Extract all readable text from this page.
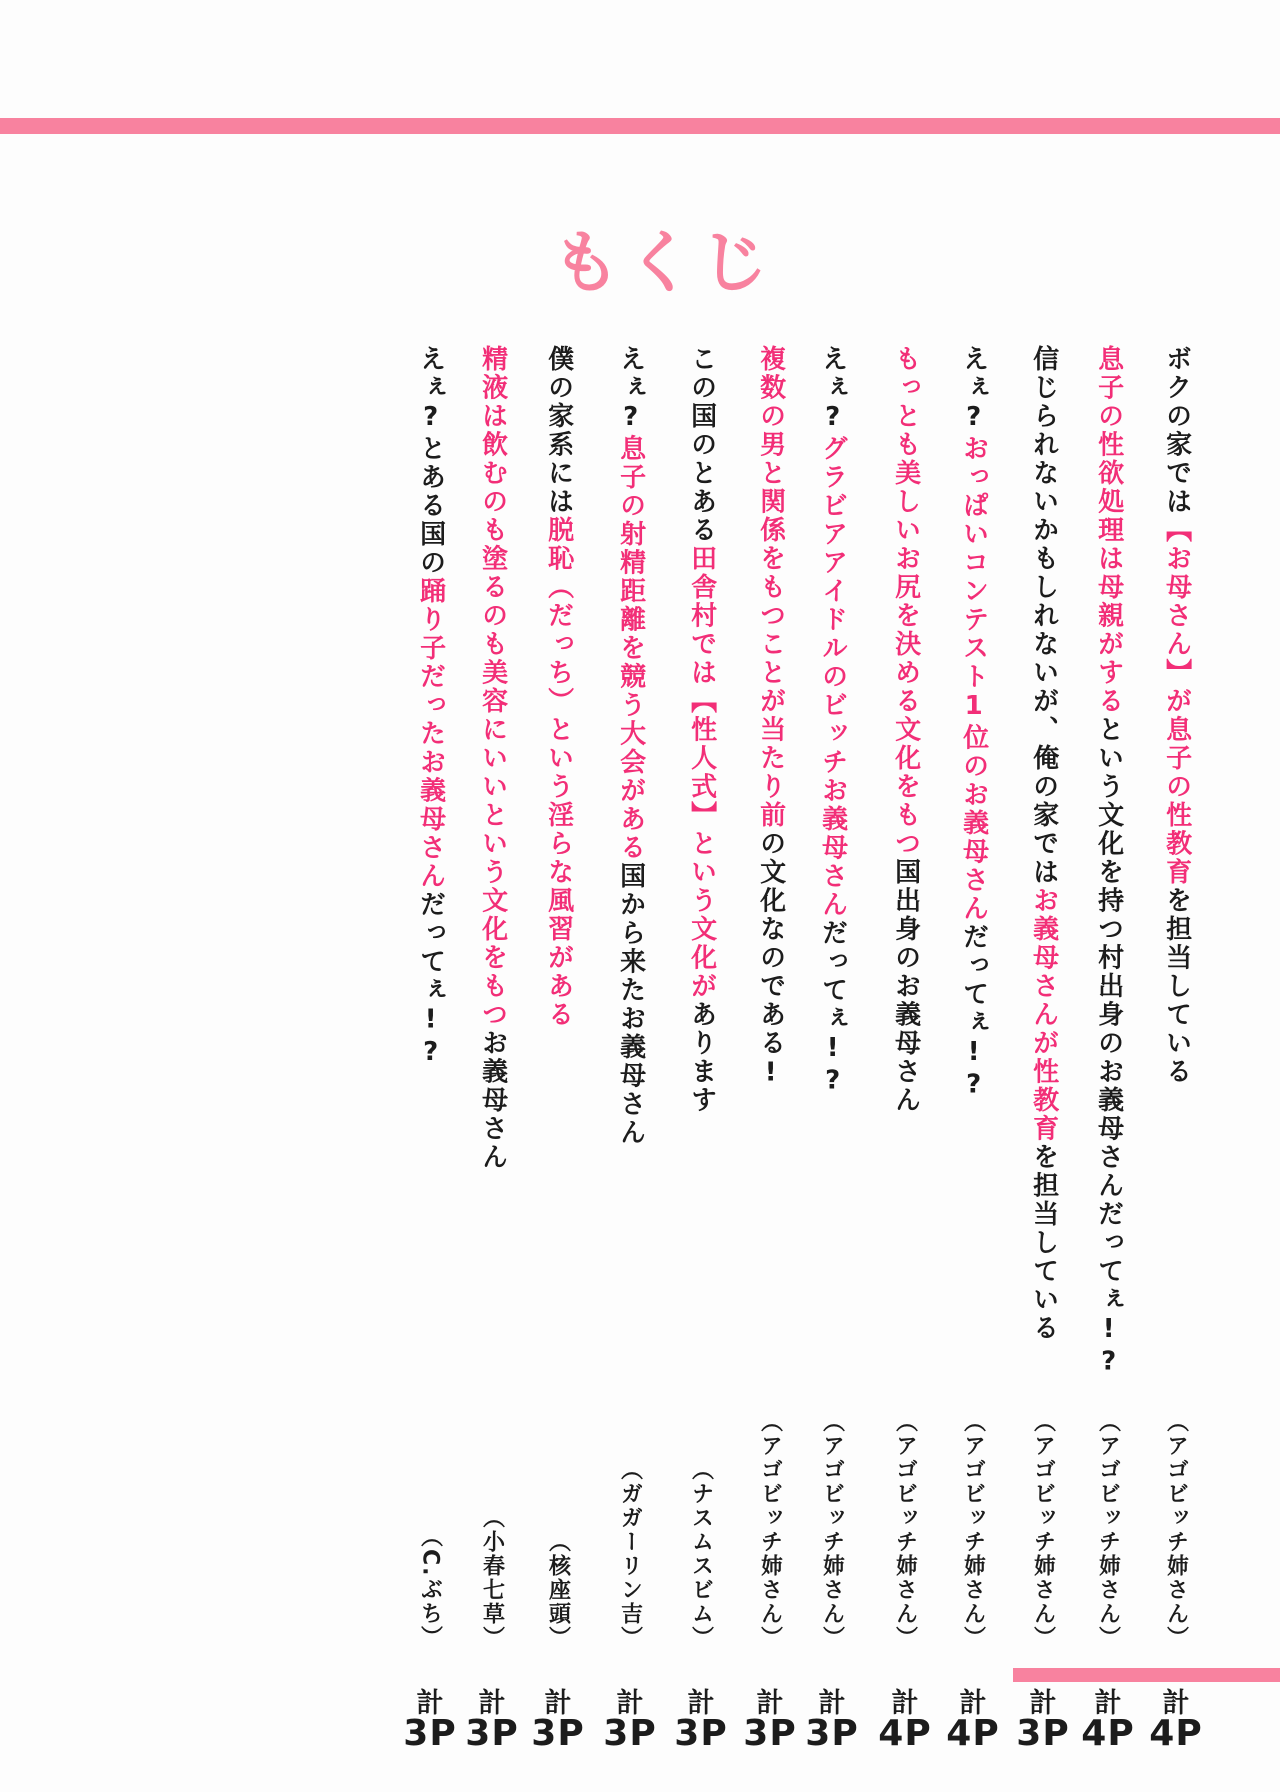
もくじ
ボクの家では【お母さん】が息子の性教育を担当している
（アゴビッチ姉さん）
計
4P
息子の性欲処理は母親がするという文化を持つ村出身のお義母さんだってぇ!?
（アゴビッチ姉さん）
計
4P
信じられないかもしれないが、俺の家ではお義母さんが性教育を担当している
（アゴビッチ姉さん）
計
3P
えぇ?おっぱいコンテスト1位のお義母さんだってぇ!?
（アゴビッチ姉さん）
計
4P
もっとも美しいお尻を決める文化をもつ国出身のお義母さん
（アゴビッチ姉さん）
計
4P
えぇ?グラビアアイドルのビッチお義母さんだってぇ!?
（アゴビッチ姉さん）
計
3P
複数の男と関係をもつことが当たり前の文化なのである!
（アゴビッチ姉さん）
計
3P
この国のとある田舎村では【性人式】という文化があります
（ナスムスビム）
計
3P
えぇ?息子の射精距離を競う大会がある国から来たお義母さん
（ガガーリン吉）
計
3P
僕の家系には脱恥（だっち）という淫らな風習がある
（核座頭）
計
3P
精液は飲むのも塗るのも美容にいいという文化をもつお義母さん
（小春七草）
計
3P
えぇ?とある国の踊り子だったお義母さんだってぇ!?
（C.ぶち）
計
3P
